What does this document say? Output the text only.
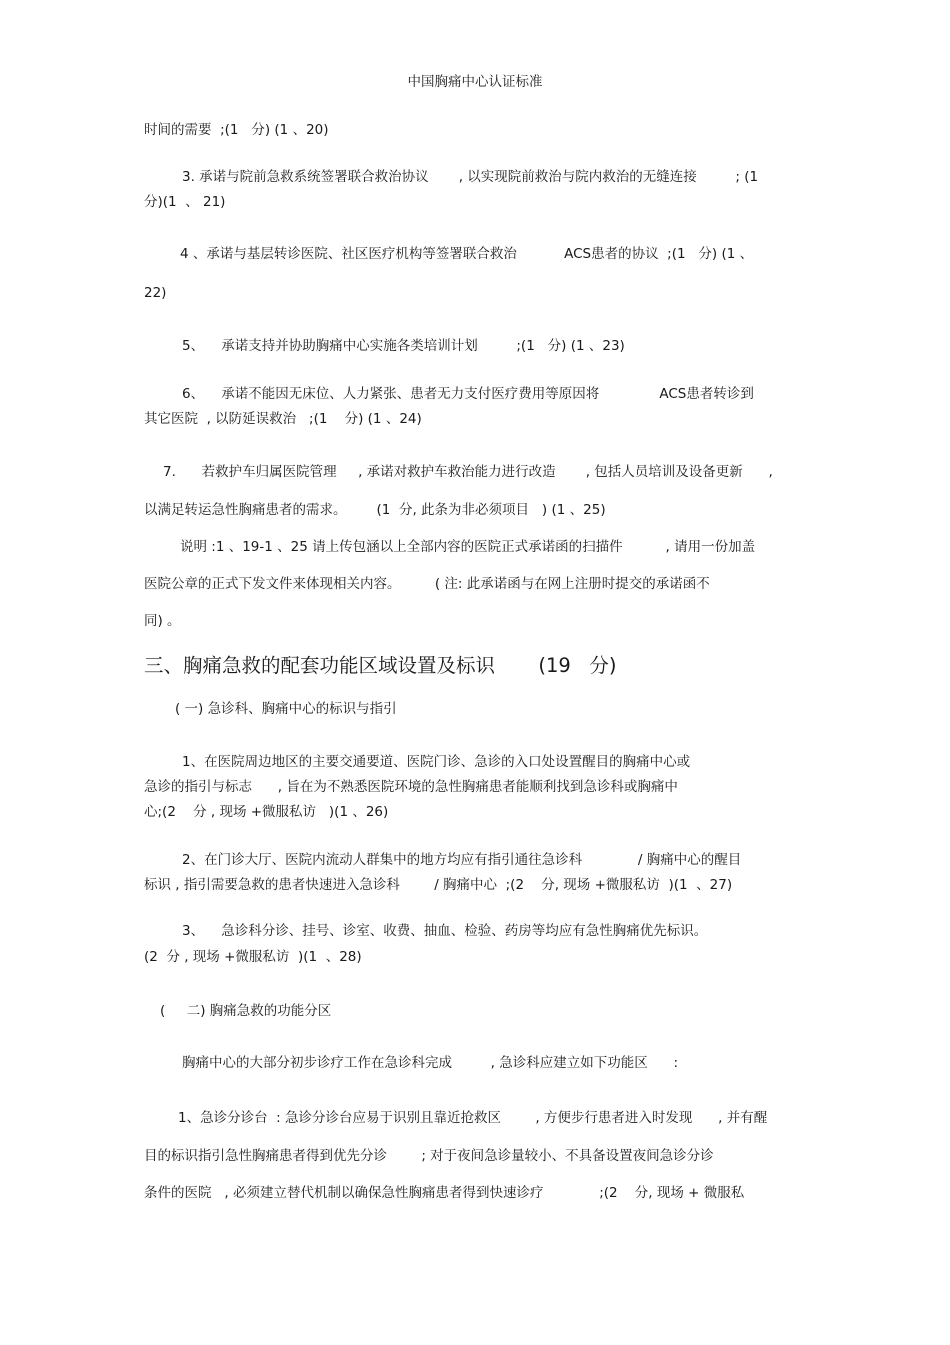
中国胸痛中心认证标准
时间的需要  ;(1   分) (1 、20)
3. 承诺与院前急救系统签署联合救治协议       , 以实现院前救治与院内救治的无缝连接         ; (1
分)(1  、 21)
4 、承诺与基层转诊医院、社区医疗机构等签署联合救治           ACS患者的协议  ;(1   分) (1 、
22)
5、    承诺支持并协助胸痛中心实施各类培训计划         ;(1   分) (1 、23)
6、    承诺不能因无床位、人力紧张、患者无力支付医疗费用等原因将              ACS患者转诊到
其它医院  , 以防延误救治   ;(1    分) (1 、24)
7.      若救护车归属医院管理     , 承诺对救护车救治能力进行改造       , 包括人员培训及设备更新      ,
以满足转运急性胸痛患者的需求。       (1  分, 此条为非必须项目   ) (1 、25)
说明 :1 、19-1 、25 请上传包涵以上全部内容的医院正式承诺函的扫描件          , 请用一份加盖
医院公章的正式下发文件来体现相关内容。        ( 注: 此承诺函与在网上注册时提交的承诺函不
同) 。
三、胸痛急救的配套功能区域设置及标识       (19   分)
( 一) 急诊科、胸痛中心的标识与指引
1、在医院周边地区的主要交通要道、医院门诊、急诊的入口处设置醒目的胸痛中心或
急诊的指引与标志      , 旨在为不熟悉医院环境的急性胸痛患者能顺利找到急诊科或胸痛中
心;(2    分 , 现场 +微服私访   )(1 、26)
2、在门诊大厅、医院内流动人群集中的地方均应有指引通往急诊科             / 胸痛中心的醒目
标识 , 指引需要急救的患者快速进入急诊科        / 胸痛中心  ;(2    分, 现场 +微服私访  )(1  、27)
3、    急诊科分诊、挂号、诊室、收费、抽血、检验、药房等均应有急性胸痛优先标识。
(2  分 , 现场 +微服私访  )(1  、28)
(     二) 胸痛急救的功能分区
胸痛中心的大部分初步诊疗工作在急诊科完成         , 急诊科应建立如下功能区      :
1、急诊分诊台  : 急诊分诊台应易于识别且靠近抢救区        , 方便步行患者进入时发现      , 并有醒
目的标识指引急性胸痛患者得到优先分诊        ; 对于夜间急诊量较小、不具备设置夜间急诊分诊
条件的医院   , 必须建立替代机制以确保急性胸痛患者得到快速诊疗             ;(2    分, 现场 + 微服私
